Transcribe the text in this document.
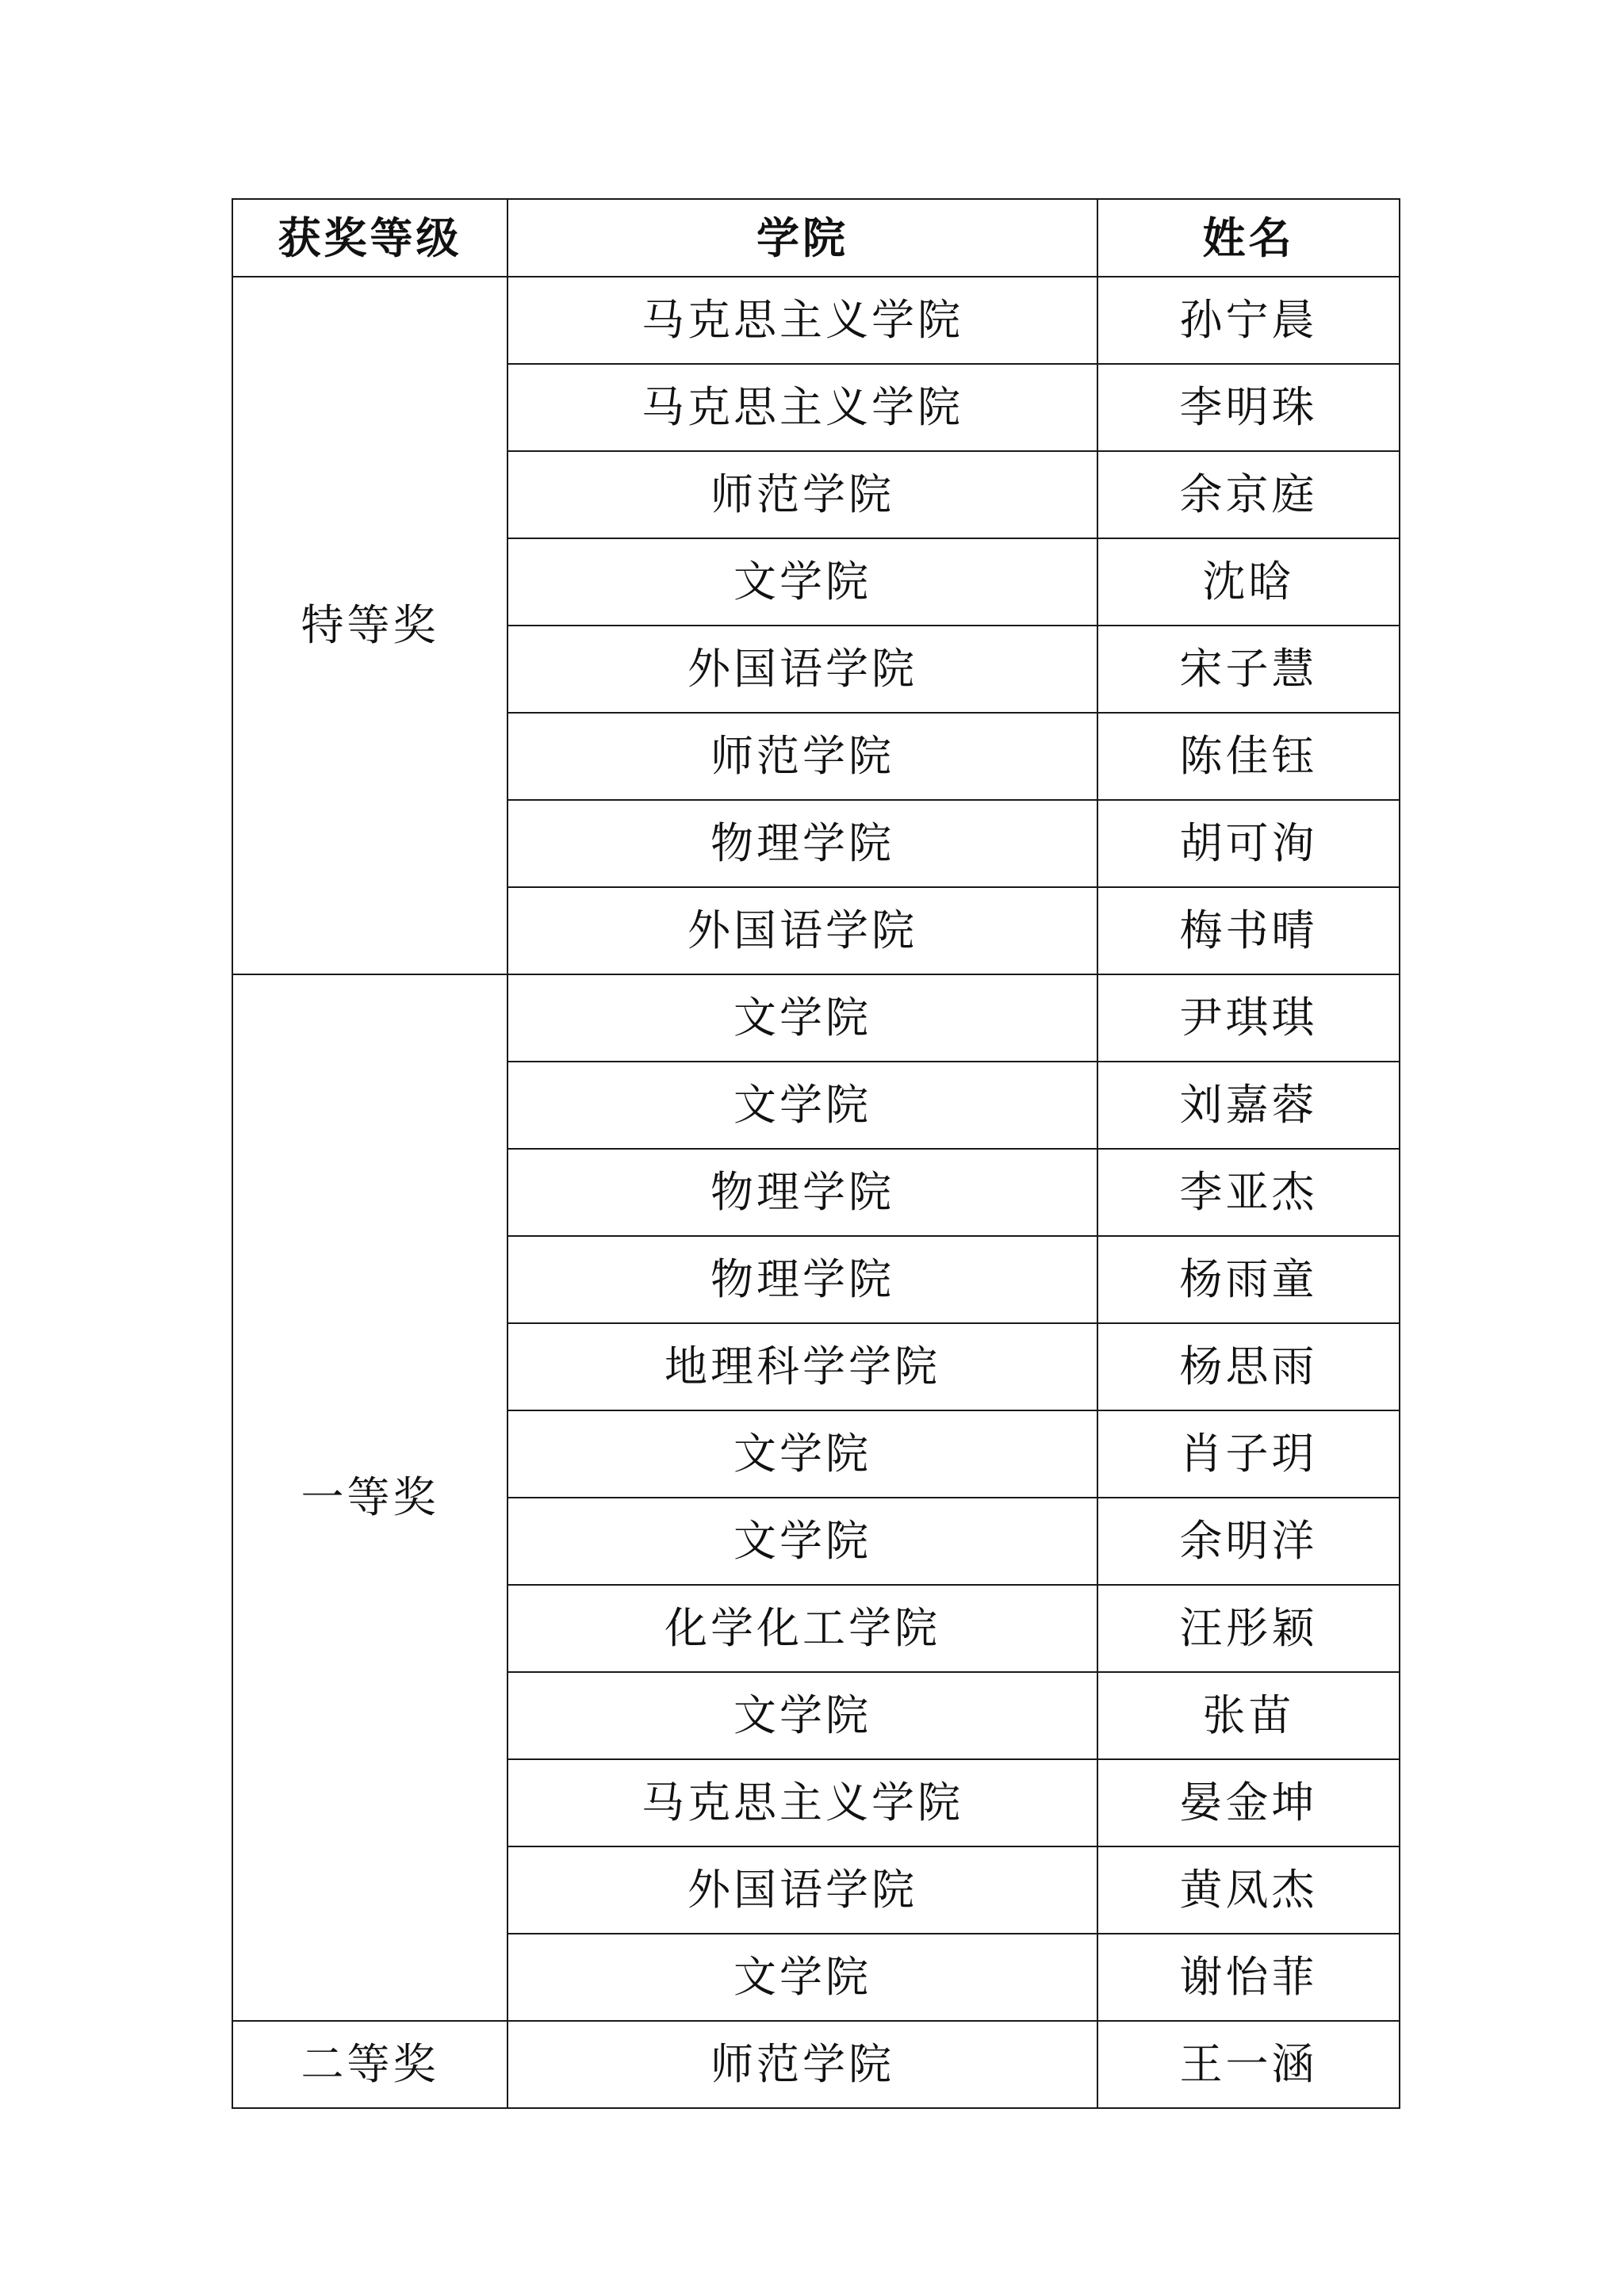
获奖等级	学院	姓名
特等奖	马克思主义学院	孙宁晨
	马克思主义学院	李明珠
	师范学院	余京庭
	文学院	沈晗
	外国语学院	宋子慧
	师范学院	陈佳钰
	物理学院	胡可洵
	外国语学院	梅书晴
一等奖	文学院	尹琪琪
	文学院	刘嘉蓉
	物理学院	李亚杰
	物理学院	杨雨童
	地理科学学院	杨思雨
	文学院	肖子玥
	文学院	余明洋
	化学化工学院	汪彤颖
	文学院	张苗
	马克思主义学院	晏金坤
	外国语学院	黄凤杰
	文学院	谢怡菲
二等奖	师范学院	王一涵
